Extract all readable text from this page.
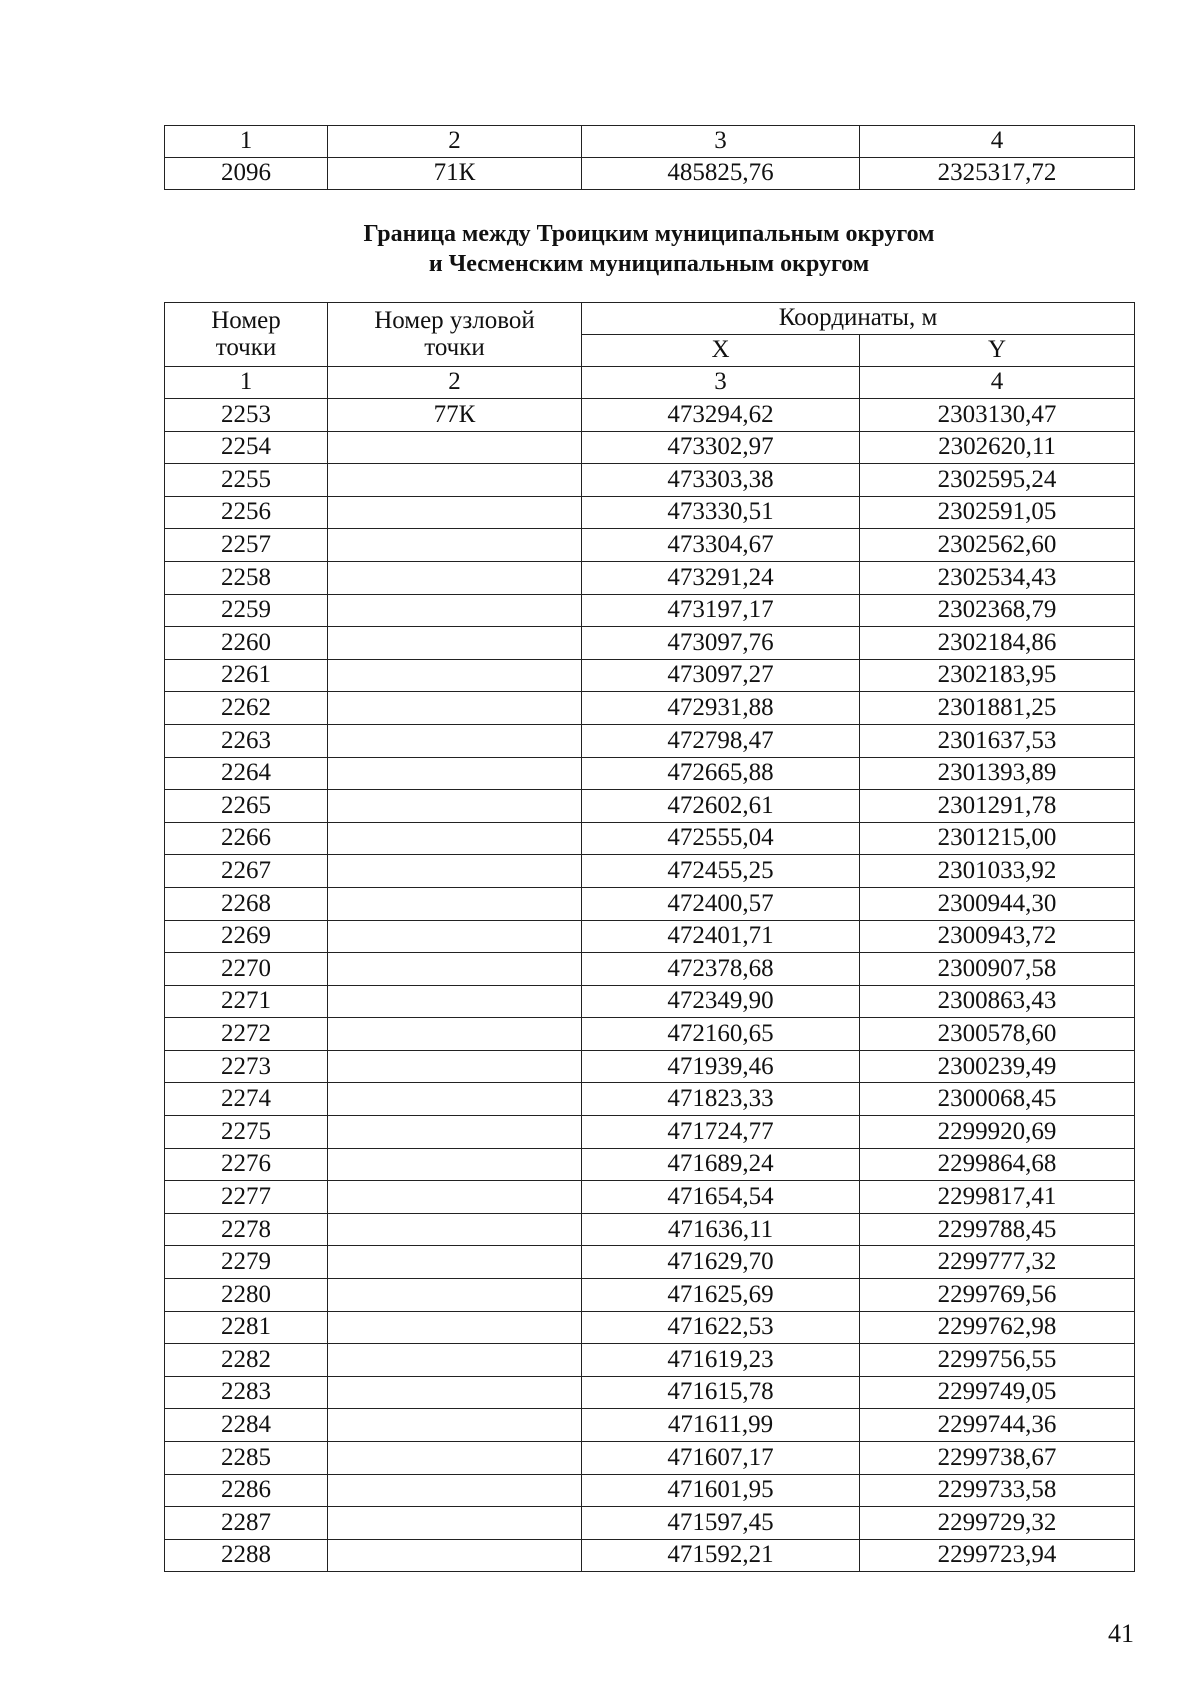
1	2	3	4
2096	71К	485825,76	2325317,72
Граница между Троицким муниципальным округом
и Чесменским муниципальным округом
Номер точки	Номер узловой точки	Координаты, м	
		X	Y
1	2	3	4
2253	77К	473294,62	2303130,47
2254		473302,97	2302620,11
2255		473303,38	2302595,24
2256		473330,51	2302591,05
2257		473304,67	2302562,60
2258		473291,24	2302534,43
2259		473197,17	2302368,79
2260		473097,76	2302184,86
2261		473097,27	2302183,95
2262		472931,88	2301881,25
2263		472798,47	2301637,53
2264		472665,88	2301393,89
2265		472602,61	2301291,78
2266		472555,04	2301215,00
2267		472455,25	2301033,92
2268		472400,57	2300944,30
2269		472401,71	2300943,72
2270		472378,68	2300907,58
2271		472349,90	2300863,43
2272		472160,65	2300578,60
2273		471939,46	2300239,49
2274		471823,33	2300068,45
2275		471724,77	2299920,69
2276		471689,24	2299864,68
2277		471654,54	2299817,41
2278		471636,11	2299788,45
2279		471629,70	2299777,32
2280		471625,69	2299769,56
2281		471622,53	2299762,98
2282		471619,23	2299756,55
2283		471615,78	2299749,05
2284		471611,99	2299744,36
2285		471607,17	2299738,67
2286		471601,95	2299733,58
2287		471597,45	2299729,32
2288		471592,21	2299723,94
41
